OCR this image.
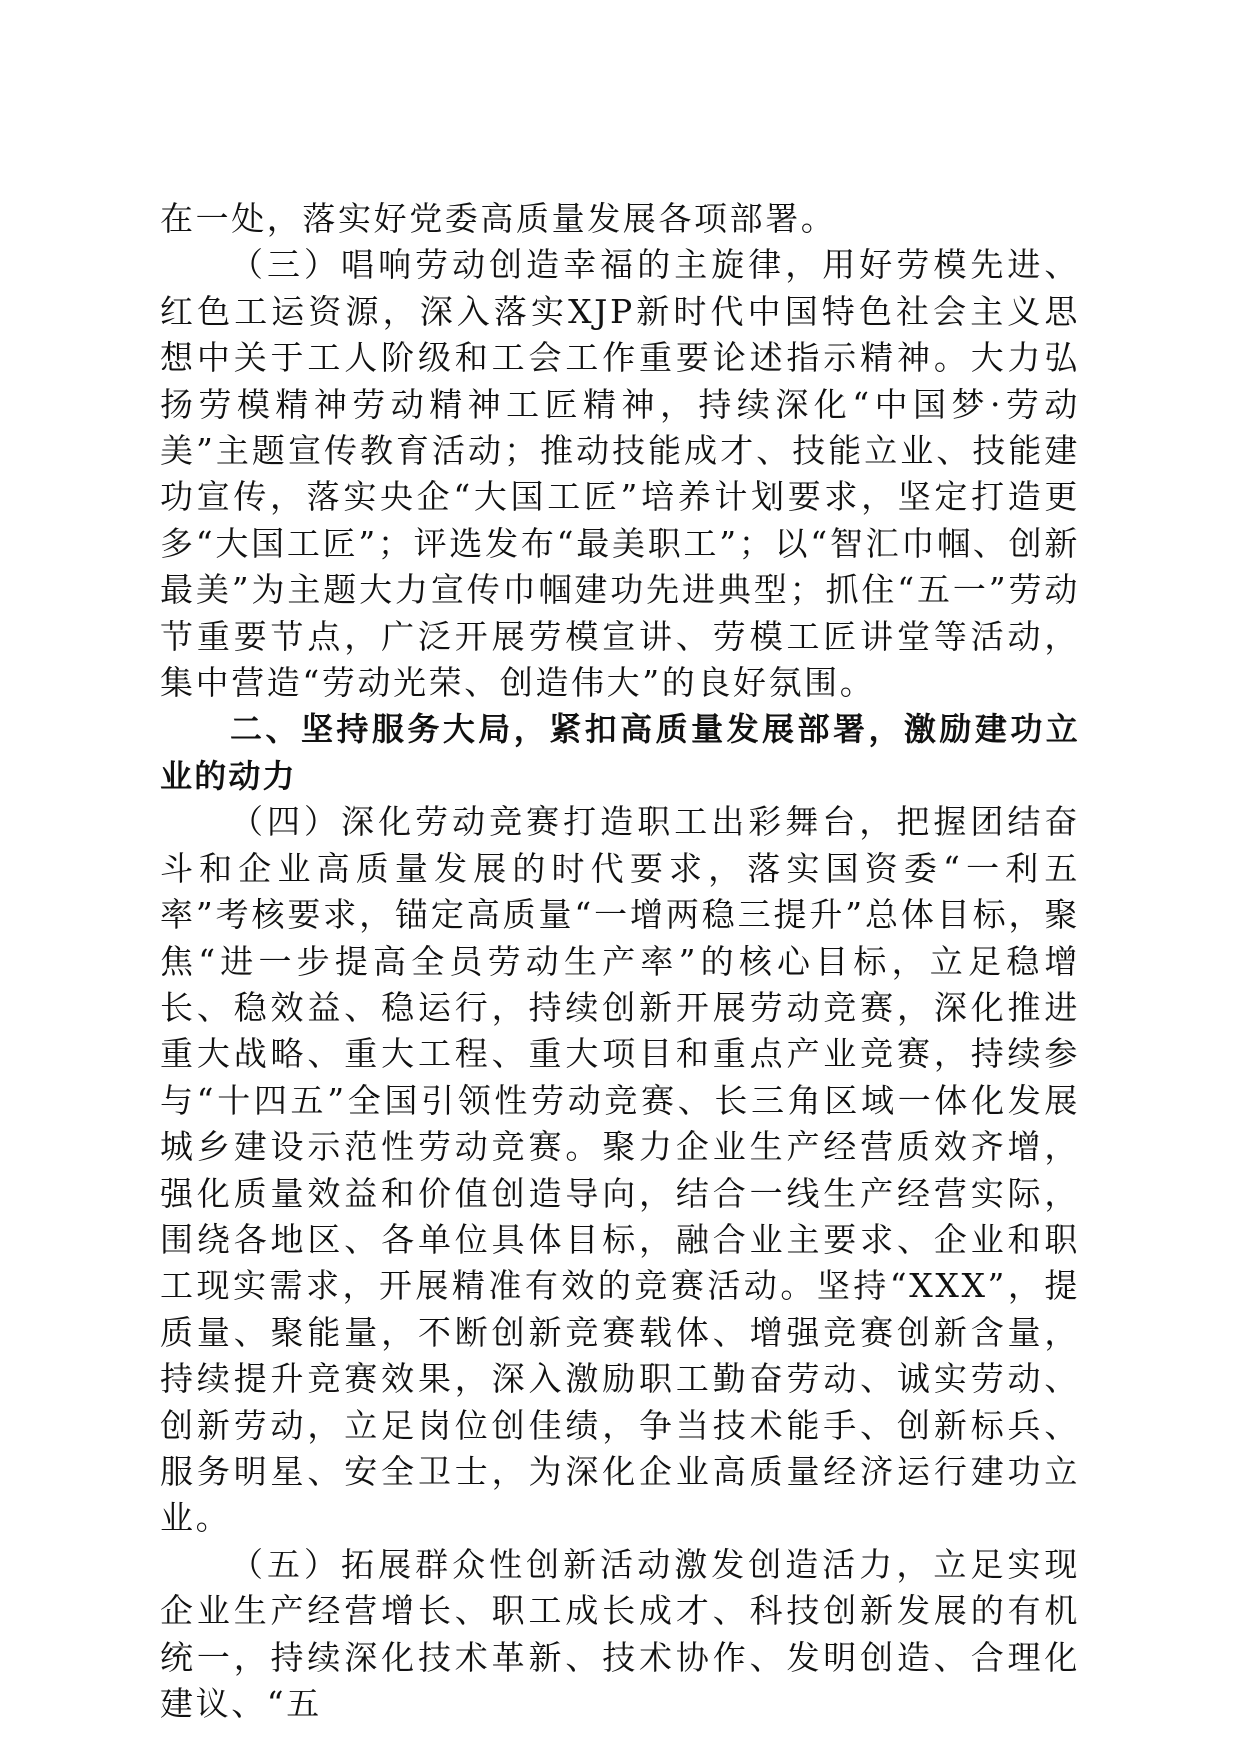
在一处，落实好党委高质量发展各项部署。

（三）唱响劳动创造幸福的主旋律，用好劳模先进、红色工运资源，深入落实XJP新时代中国特色社会主义思想中关于工人阶级和工会工作重要论述指示精神。大力弘扬劳模精神劳动精神工匠精神，持续深化“中国梦·劳动美”主题宣传教育活动；推动技能成才、技能立业、技能建功宣传，落实央企“大国工匠”培养计划要求，坚定打造更多“大国工匠”；评选发布“最美职工”；以“智汇巾帼、创新最美”为主题大力宣传巾帼建功先进典型；抓住“五一”劳动节重要节点，广泛开展劳模宣讲、劳模工匠讲堂等活动，集中营造“劳动光荣、创造伟大”的良好氛围。

二、坚持服务大局，紧扣高质量发展部署，激励建功立业的动力

（四）深化劳动竞赛打造职工出彩舞台，把握团结奋斗和企业高质量发展的时代要求，落实国资委“一利五率”考核要求，锚定高质量“一增两稳三提升”总体目标，聚焦“进一步提高全员劳动生产率”的核心目标，立足稳增长、稳效益、稳运行，持续创新开展劳动竞赛，深化推进重大战略、重大工程、重大项目和重点产业竞赛，持续参与“十四五”全国引领性劳动竞赛、长三角区域一体化发展城乡建设示范性劳动竞赛。聚力企业生产经营质效齐增，强化质量效益和价值创造导向，结合一线生产经营实际，围绕各地区、各单位具体目标，融合业主要求、企业和职工现实需求，开展精准有效的竞赛活动。坚持“XXX”，提质量、聚能量，不断创新竞赛载体、增强竞赛创新含量，持续提升竞赛效果，深入激励职工勤奋劳动、诚实劳动、创新劳动，立足岗位创佳绩，争当技术能手、创新标兵、服务明星、安全卫士，为深化企业高质量经济运行建功立业。

（五）拓展群众性创新活动激发创造活力，立足实现企业生产经营增长、职工成长成才、科技创新发展的有机统一，持续深化技术革新、技术协作、发明创造、合理化建议、“五
